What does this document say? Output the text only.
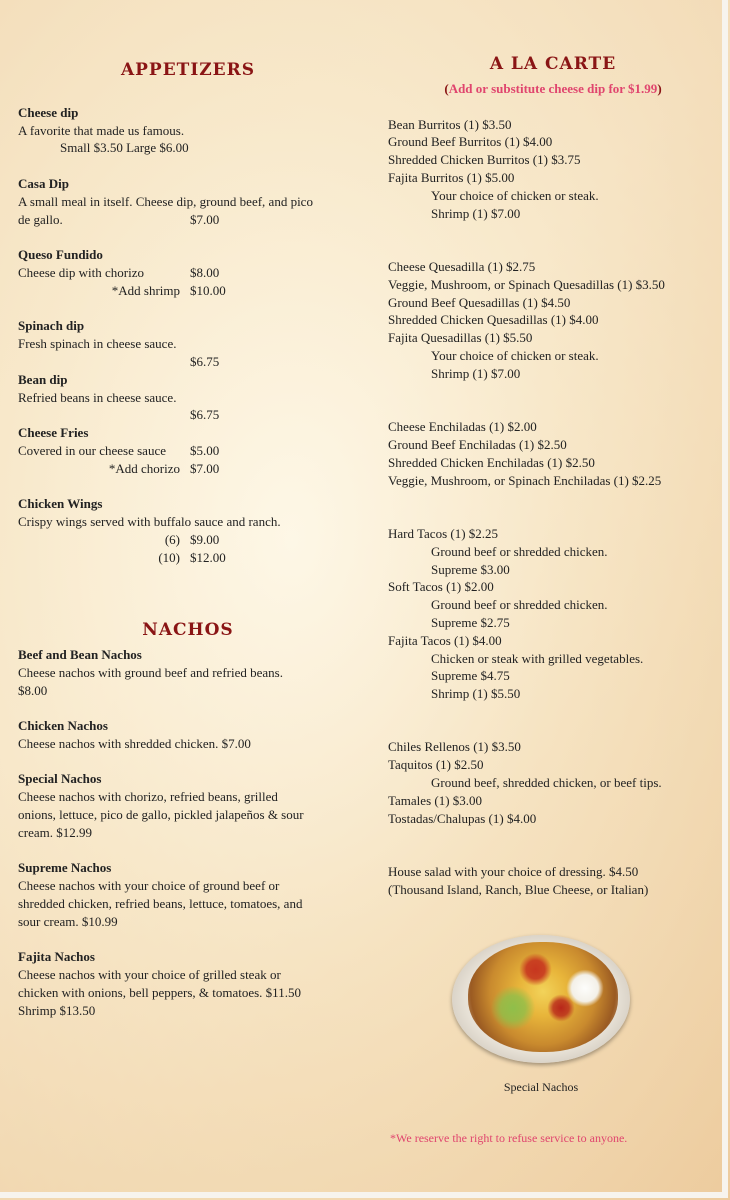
APPETIZERS
Cheese dip
A favorite that made us famous.
Small $3.50 Large $6.00
Casa Dip
A small meal in itself. Cheese dip, ground beef, and pico
de gallo.	$7.00
Queso Fundido
Cheese dip with chorizo	$8.00
*Add shrimp $10.00
Spinach dip
Fresh spinach in cheese sauce.
$6.75
Bean dip
Refried beans in cheese sauce.
$6.75
Cheese Fries
Covered in our cheese sauce $5.00
*Add chorizo $7.00
Chicken Wings
Crispy wings served with buffalo sauce and ranch.
(6) $9.00
(10) $12.00
NACHOS
Beef and Bean Nachos
Cheese nachos with ground beef and refried beans.
$8.00
Chicken Nachos
Cheese nachos with shredded chicken. $7.00
Special Nachos
Cheese nachos with chorizo, refried beans, grilled
onions, lettuce, pico de gallo, pickled jalapeños & sour
cream. $12.99
Supreme Nachos
Cheese nachos with your choice of ground beef or
shredded chicken, refried beans, lettuce, tomatoes, and
sour cream. $10.99
Fajita Nachos
Cheese nachos with your choice of grilled steak or
chicken with onions, bell peppers, & tomatoes. $11.50
Shrimp $13.50
A LA CARTE
(Add or substitute cheese dip for $1.99)
Bean Burritos (1) $3.50
Ground Beef Burritos (1) $4.00
Shredded Chicken Burritos (1) $3.75
Fajita Burritos (1) $5.00
Your choice of chicken or steak.
Shrimp (1) $7.00
Cheese Quesadilla (1) $2.75
Veggie, Mushroom, or Spinach Quesadillas (1) $3.50
Ground Beef Quesadillas (1) $4.50
Shredded Chicken Quesadillas (1) $4.00
Fajita Quesadillas (1) $5.50
Your choice of chicken or steak.
Shrimp (1) $7.00
Cheese Enchiladas (1) $2.00
Ground Beef Enchiladas (1) $2.50
Shredded Chicken Enchiladas (1) $2.50
Veggie, Mushroom, or Spinach Enchiladas (1) $2.25
Hard Tacos (1) $2.25
Ground beef or shredded chicken.
Supreme $3.00
Soft Tacos (1) $2.00
Ground beef or shredded chicken.
Supreme $2.75
Fajita Tacos (1) $4.00
Chicken or steak with grilled vegetables.
Supreme $4.75
Shrimp (1) $5.50
Chiles Rellenos (1) $3.50
Taquitos (1) $2.50
Ground beef, shredded chicken, or beef tips.
Tamales (1) $3.00
Tostadas/Chalupas (1) $4.00
House salad with your choice of dressing. $4.50
(Thousand Island, Ranch, Blue Cheese, or Italian)
Special Nachos
*We reserve the right to refuse service to anyone.
